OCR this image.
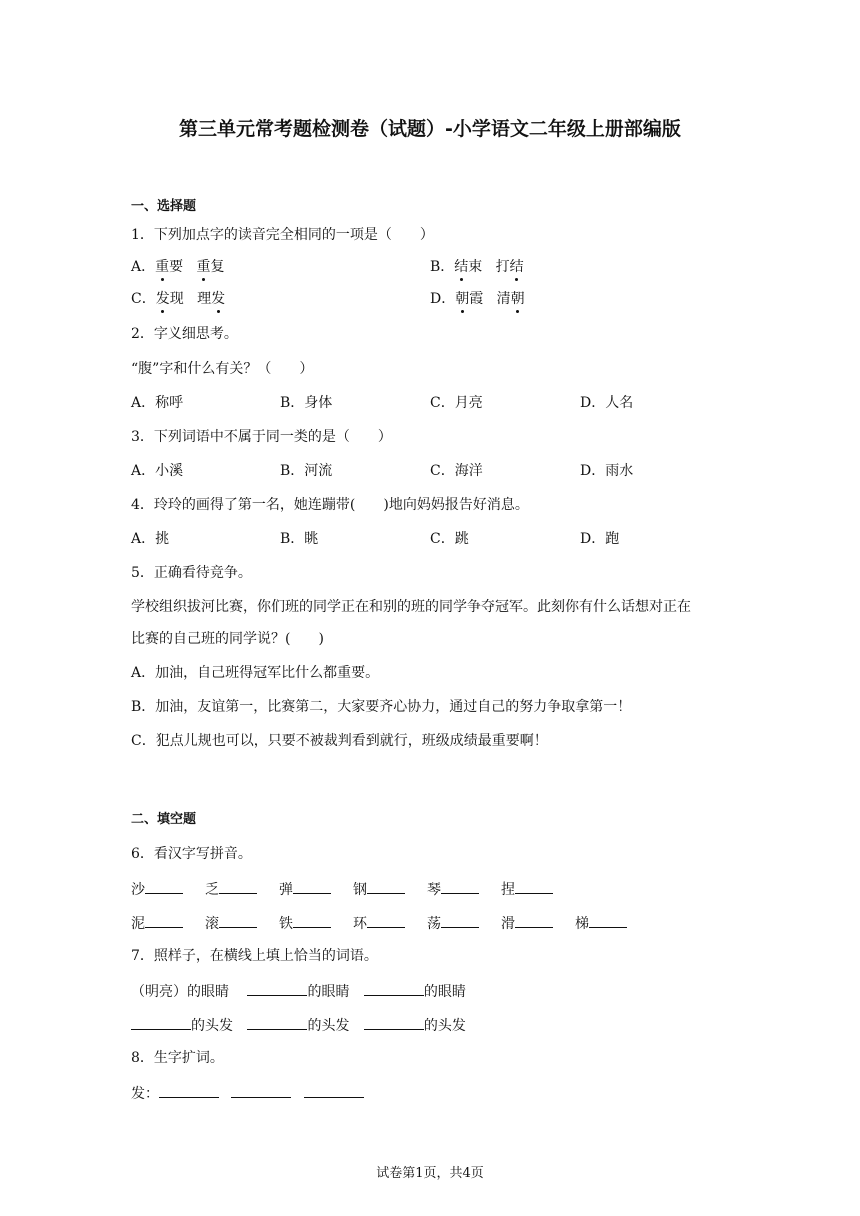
第三单元常考题检测卷（试题）-小学语文二年级上册部编版
一、选择题
1．下列加点字的读音完全相同的一项是（　　）
A．重要 重复	B．结束 打结
C．发现 理发	D．朝霞 清朝
2．字义细思考。
“腹”字和什么有关？（　　）
A．称呼	B．身体	C．月亮	D．人名
3．下列词语中不属于同一类的是（　　）
A．小溪	B．河流	C．海洋	D．雨水
4．玲玲的画得了第一名，她连蹦带(　　)地向妈妈报告好消息。
A．挑	B．眺	C．跳	D．跑
5．正确看待竞争。
学校组织拔河比赛，你们班的同学正在和别的班的同学争夺冠军。此刻你有什么话想对正在
比赛的自己班的同学说？(　　)
A．加油，自己班得冠军比什么都重要。
B．加油，友谊第一，比赛第二，大家要齐心协力，通过自己的努力争取拿第一！
C．犯点儿规也可以，只要不被裁判看到就行，班级成绩最重要啊！
二、填空题
6．看汉字写拼音。
沙	乏	弹	钢	琴	捏
泥	滚	铁	环	荡	滑	梯
7．照样子，在横线上填上恰当的词语。
（明亮）的眼睛	的眼睛	的眼睛
的头发	的头发	的头发
8．生字扩词。
发：
试卷第1页，共4页
